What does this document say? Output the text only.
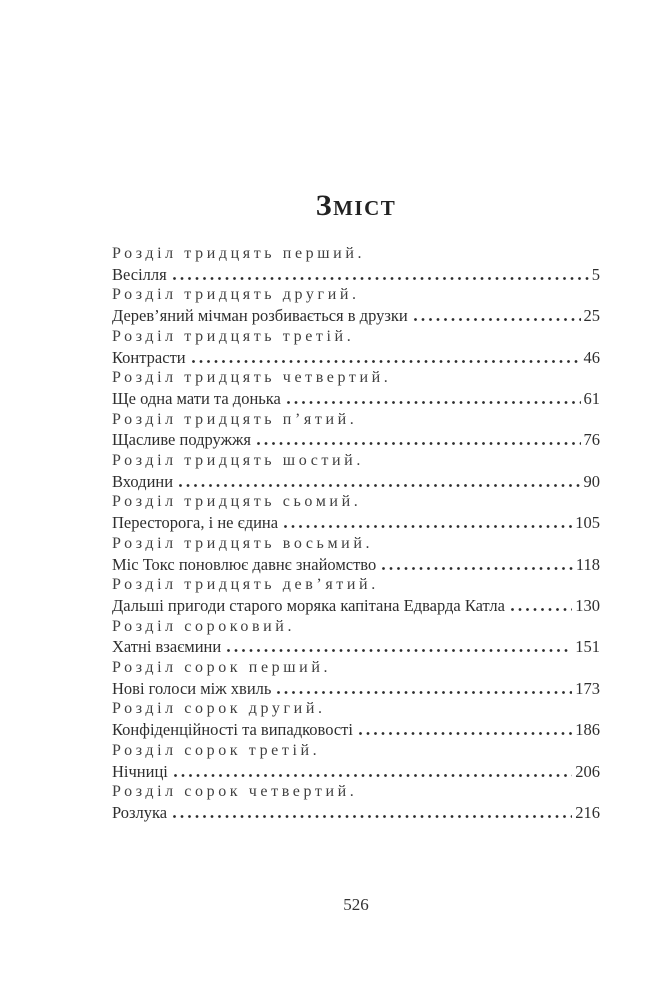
Зміст
Розділ тридцять перший.
Весілля	5
Розділ тридцять другий.
Дерев’яний мічман розбивається в друзки	25
Розділ тридцять третій.
Контрасти	46
Розділ тридцять четвертий.
Ще одна мати та донька	61
Розділ тридцять п’ятий.
Щасливе подружжя	76
Розділ тридцять шостий.
Входини	90
Розділ тридцять сьомий.
Пересторога, і не єдина	105
Розділ тридцять восьмий.
Міс Токс поновлює давнє знайомство	118
Розділ тридцять дев’ятий.
Дальші пригоди старого моряка капітана Едварда Катла	130
Розділ сороковий.
Хатні взаємини	151
Розділ сорок перший.
Нові голоси між хвиль	173
Розділ сорок другий.
Конфіденційності та випадковості	186
Розділ сорок третій.
Нічниці	206
Розділ сорок четвертий.
Розлука	216
526
